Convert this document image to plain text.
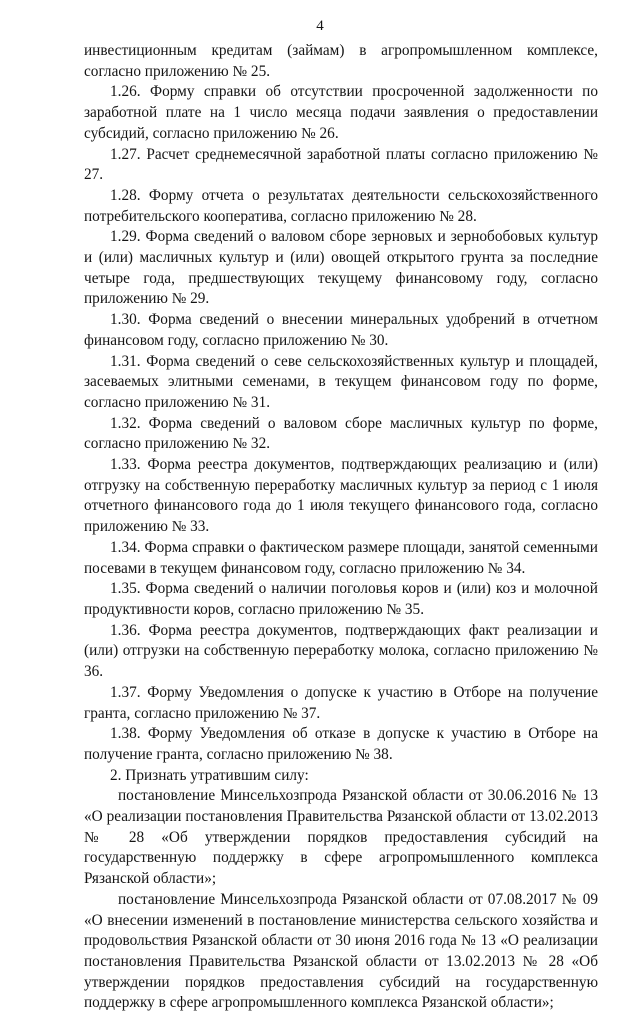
4

инвестиционным кредитам (займам) в агропромышленном комплексе, согласно приложению № 25.

1.26. Форму справки об отсутствии просроченной задолженности по заработной плате на 1 число месяца подачи заявления о предоставлении субсидий, согласно приложению № 26.

1.27. Расчет среднемесячной заработной платы согласно приложению № 27.

1.28. Форму отчета о результатах деятельности сельскохозяйственного потребительского кооператива, согласно приложению № 28.

1.29. Форма сведений о валовом сборе зерновых и зернобобовых культур и (или) масличных культур и (или) овощей открытого грунта за последние четыре года, предшествующих текущему финансовому году, согласно приложению № 29.

1.30. Форма сведений о внесении минеральных удобрений в отчетном финансовом году, согласно приложению № 30.

1.31. Форма сведений о севе сельскохозяйственных культур и площадей, засеваемых элитными семенами, в текущем финансовом году по форме, согласно приложению № 31.

1.32. Форма сведений о валовом сборе масличных культур по форме, согласно приложению № 32.

1.33. Форма реестра документов, подтверждающих реализацию и (или) отгрузку на собственную переработку масличных культур за период с 1 июля отчетного финансового года до 1 июля текущего финансового года, согласно приложению № 33.

1.34. Форма справки о фактическом размере площади, занятой семенными посевами в текущем финансовом году, согласно приложению № 34.

1.35. Форма сведений о наличии поголовья коров и (или) коз и молочной продуктивности коров, согласно приложению № 35.

1.36. Форма реестра документов, подтверждающих факт реализации и (или) отгрузки на собственную переработку молока, согласно приложению № 36.

1.37. Форму Уведомления о допуске к участию в Отборе на получение гранта, согласно приложению № 37.

1.38. Форму Уведомления об отказе в допуске к участию в Отборе на получение гранта, согласно приложению № 38.

2. Признать утратившим силу:

постановление Минсельхозпрода Рязанской области от 30.06.2016 № 13 «О реализации постановления Правительства Рязанской области от 13.02.2013 № 28 «Об утверждении порядков предоставления субсидий на государственную поддержку в сфере агропромышленного комплекса Рязанской области»;

постановление Минсельхозпрода Рязанской области от 07.08.2017 № 09 «О внесении изменений в постановление министерства сельского хозяйства и продовольствия Рязанской области от 30 июня 2016 года № 13 «О реализации постановления Правительства Рязанской области от 13.02.2013 № 28 «Об утверждении порядков предоставления субсидий на государственную поддержку в сфере агропромышленного комплекса Рязанской области»;
